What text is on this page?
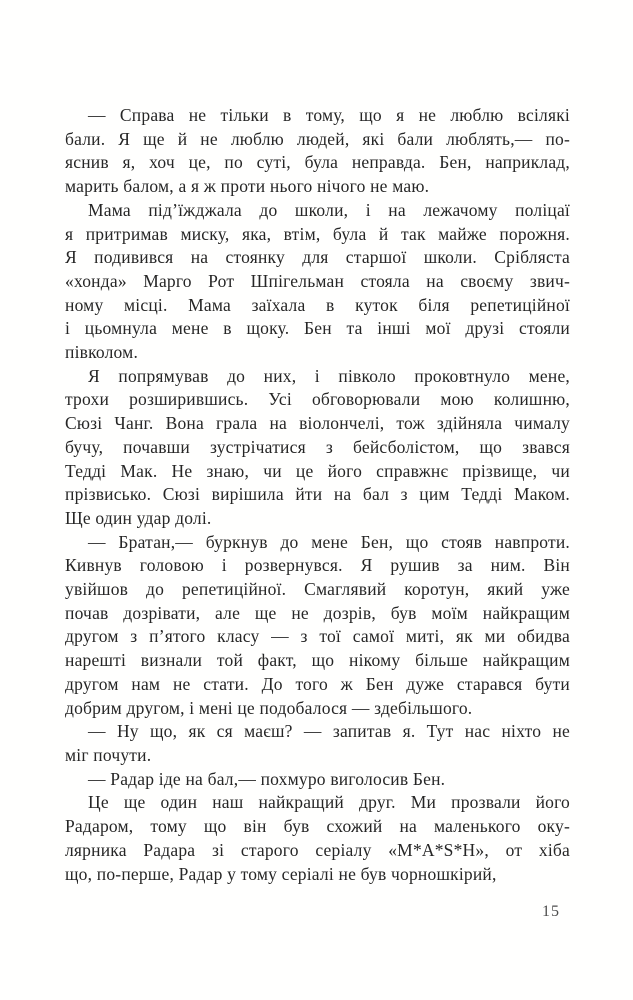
— Справа не тільки в тому, що я не люблю всілякі
бали. Я ще й не люблю людей, які бали люблять,— по-
яснив я, хоч це, по суті, була неправда. Бен, наприклад,
марить балом, а я ж проти нього нічого не маю.
Мама під’їжджала до школи, і на лежачому поліцаї
я притримав миску, яка, втім, була й так майже порожня.
Я подивився на стоянку для старшої школи. Срібляста
«хонда» Марго Рот Шпігельман стояла на своєму звич-
ному місці. Мама заїхала в куток біля репетиційної
і цьомнула мене в щоку. Бен та інші мої друзі стояли
півколом.
Я попрямував до них, і півколо проковтнуло мене,
трохи розширившись. Усі обговорювали мою колишню,
Сюзі Чанг. Вона грала на віолончелі, тож здійняла чималу
бучу, почавши зустрічатися з бейсболістом, що звався
Тедді Мак. Не знаю, чи це його справжнє прізвище, чи
прізвисько. Сюзі вирішила йти на бал з цим Тедді Маком.
Ще один удар долі.
— Братан,— буркнув до мене Бен, що стояв навпроти.
Кивнув головою і розвернувся. Я рушив за ним. Він
увійшов до репетиційної. Смаглявий коротун, який уже
почав дозрівати, але ще не дозрів, був моїм найкращим
другом з п’ятого класу — з тої самої миті, як ми обидва
нарешті визнали той факт, що нікому більше найкращим
другом нам не стати. До того ж Бен дуже старався бути
добрим другом, і мені це подобалося — здебільшого.
— Ну що, як ся маєш? — запитав я. Тут нас ніхто не
міг почути.
— Радар іде на бал,— похмуро виголосив Бен.
Це ще один наш найкращий друг. Ми прозвали його
Радаром, тому що він був схожий на маленького оку-
лярника Радара зі старого серіалу «M*A*S*H», от хіба
що, по-перше, Радар у тому серіалі не був чорношкірий,
15
